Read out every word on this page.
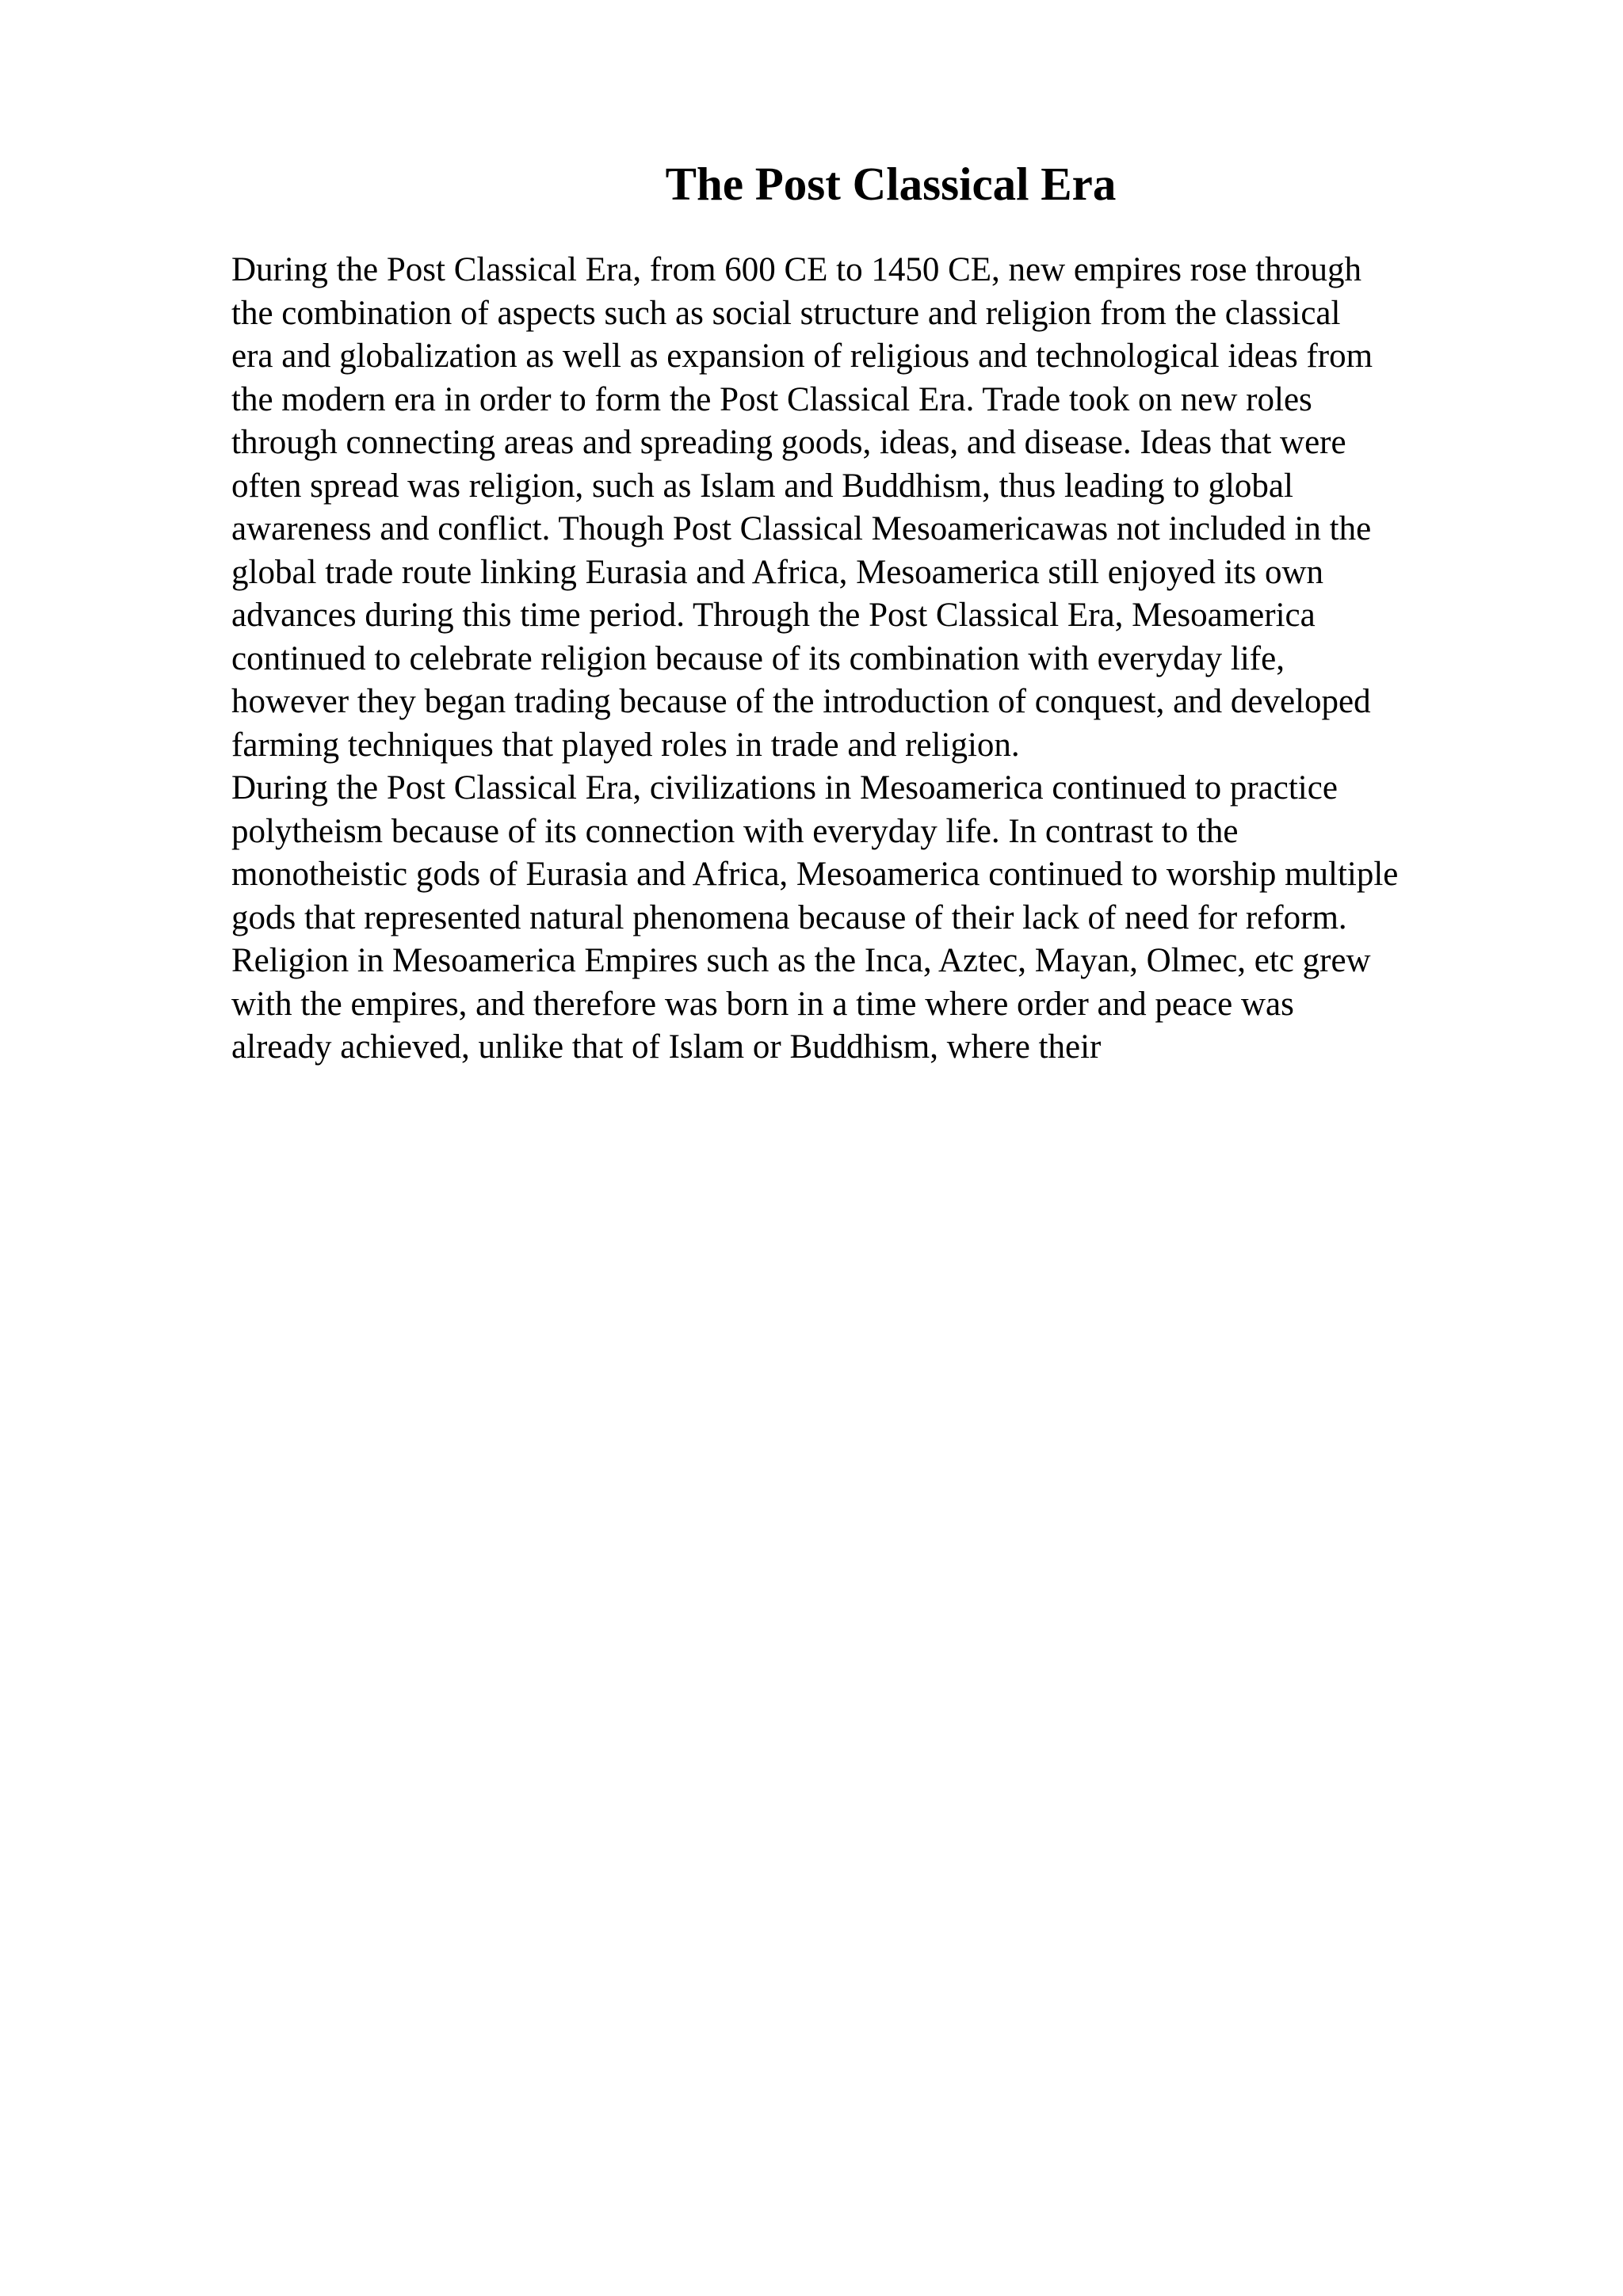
The Post Classical Era
During the Post Classical Era, from 600 CE to 1450 CE, new empires rose through
the combination of aspects such as social structure and religion from the classical
era and globalization as well as expansion of religious and technological ideas from
the modern era in order to form the Post Classical Era. Trade took on new roles
through connecting areas and spreading goods, ideas, and disease. Ideas that were
often spread was religion, such as Islam and Buddhism, thus leading to global
awareness and conflict. Though Post Classical Mesoamericawas not included in the
global trade route linking Eurasia and Africa, Mesoamerica still enjoyed its own
advances during this time period. Through the Post Classical Era, Mesoamerica
continued to celebrate religion because of its combination with everyday life,
however they began trading because of the introduction of conquest, and developed
farming techniques that played roles in trade and religion.
During the Post Classical Era, civilizations in Mesoamerica continued to practice
polytheism because of its connection with everyday life. In contrast to the
monotheistic gods of Eurasia and Africa, Mesoamerica continued to worship multiple
gods that represented natural phenomena because of their lack of need for reform.
Religion in Mesoamerica Empires such as the Inca, Aztec, Mayan, Olmec, etc grew
with the empires, and therefore was born in a time where order and peace was
already achieved, unlike that of Islam or Buddhism, where their
